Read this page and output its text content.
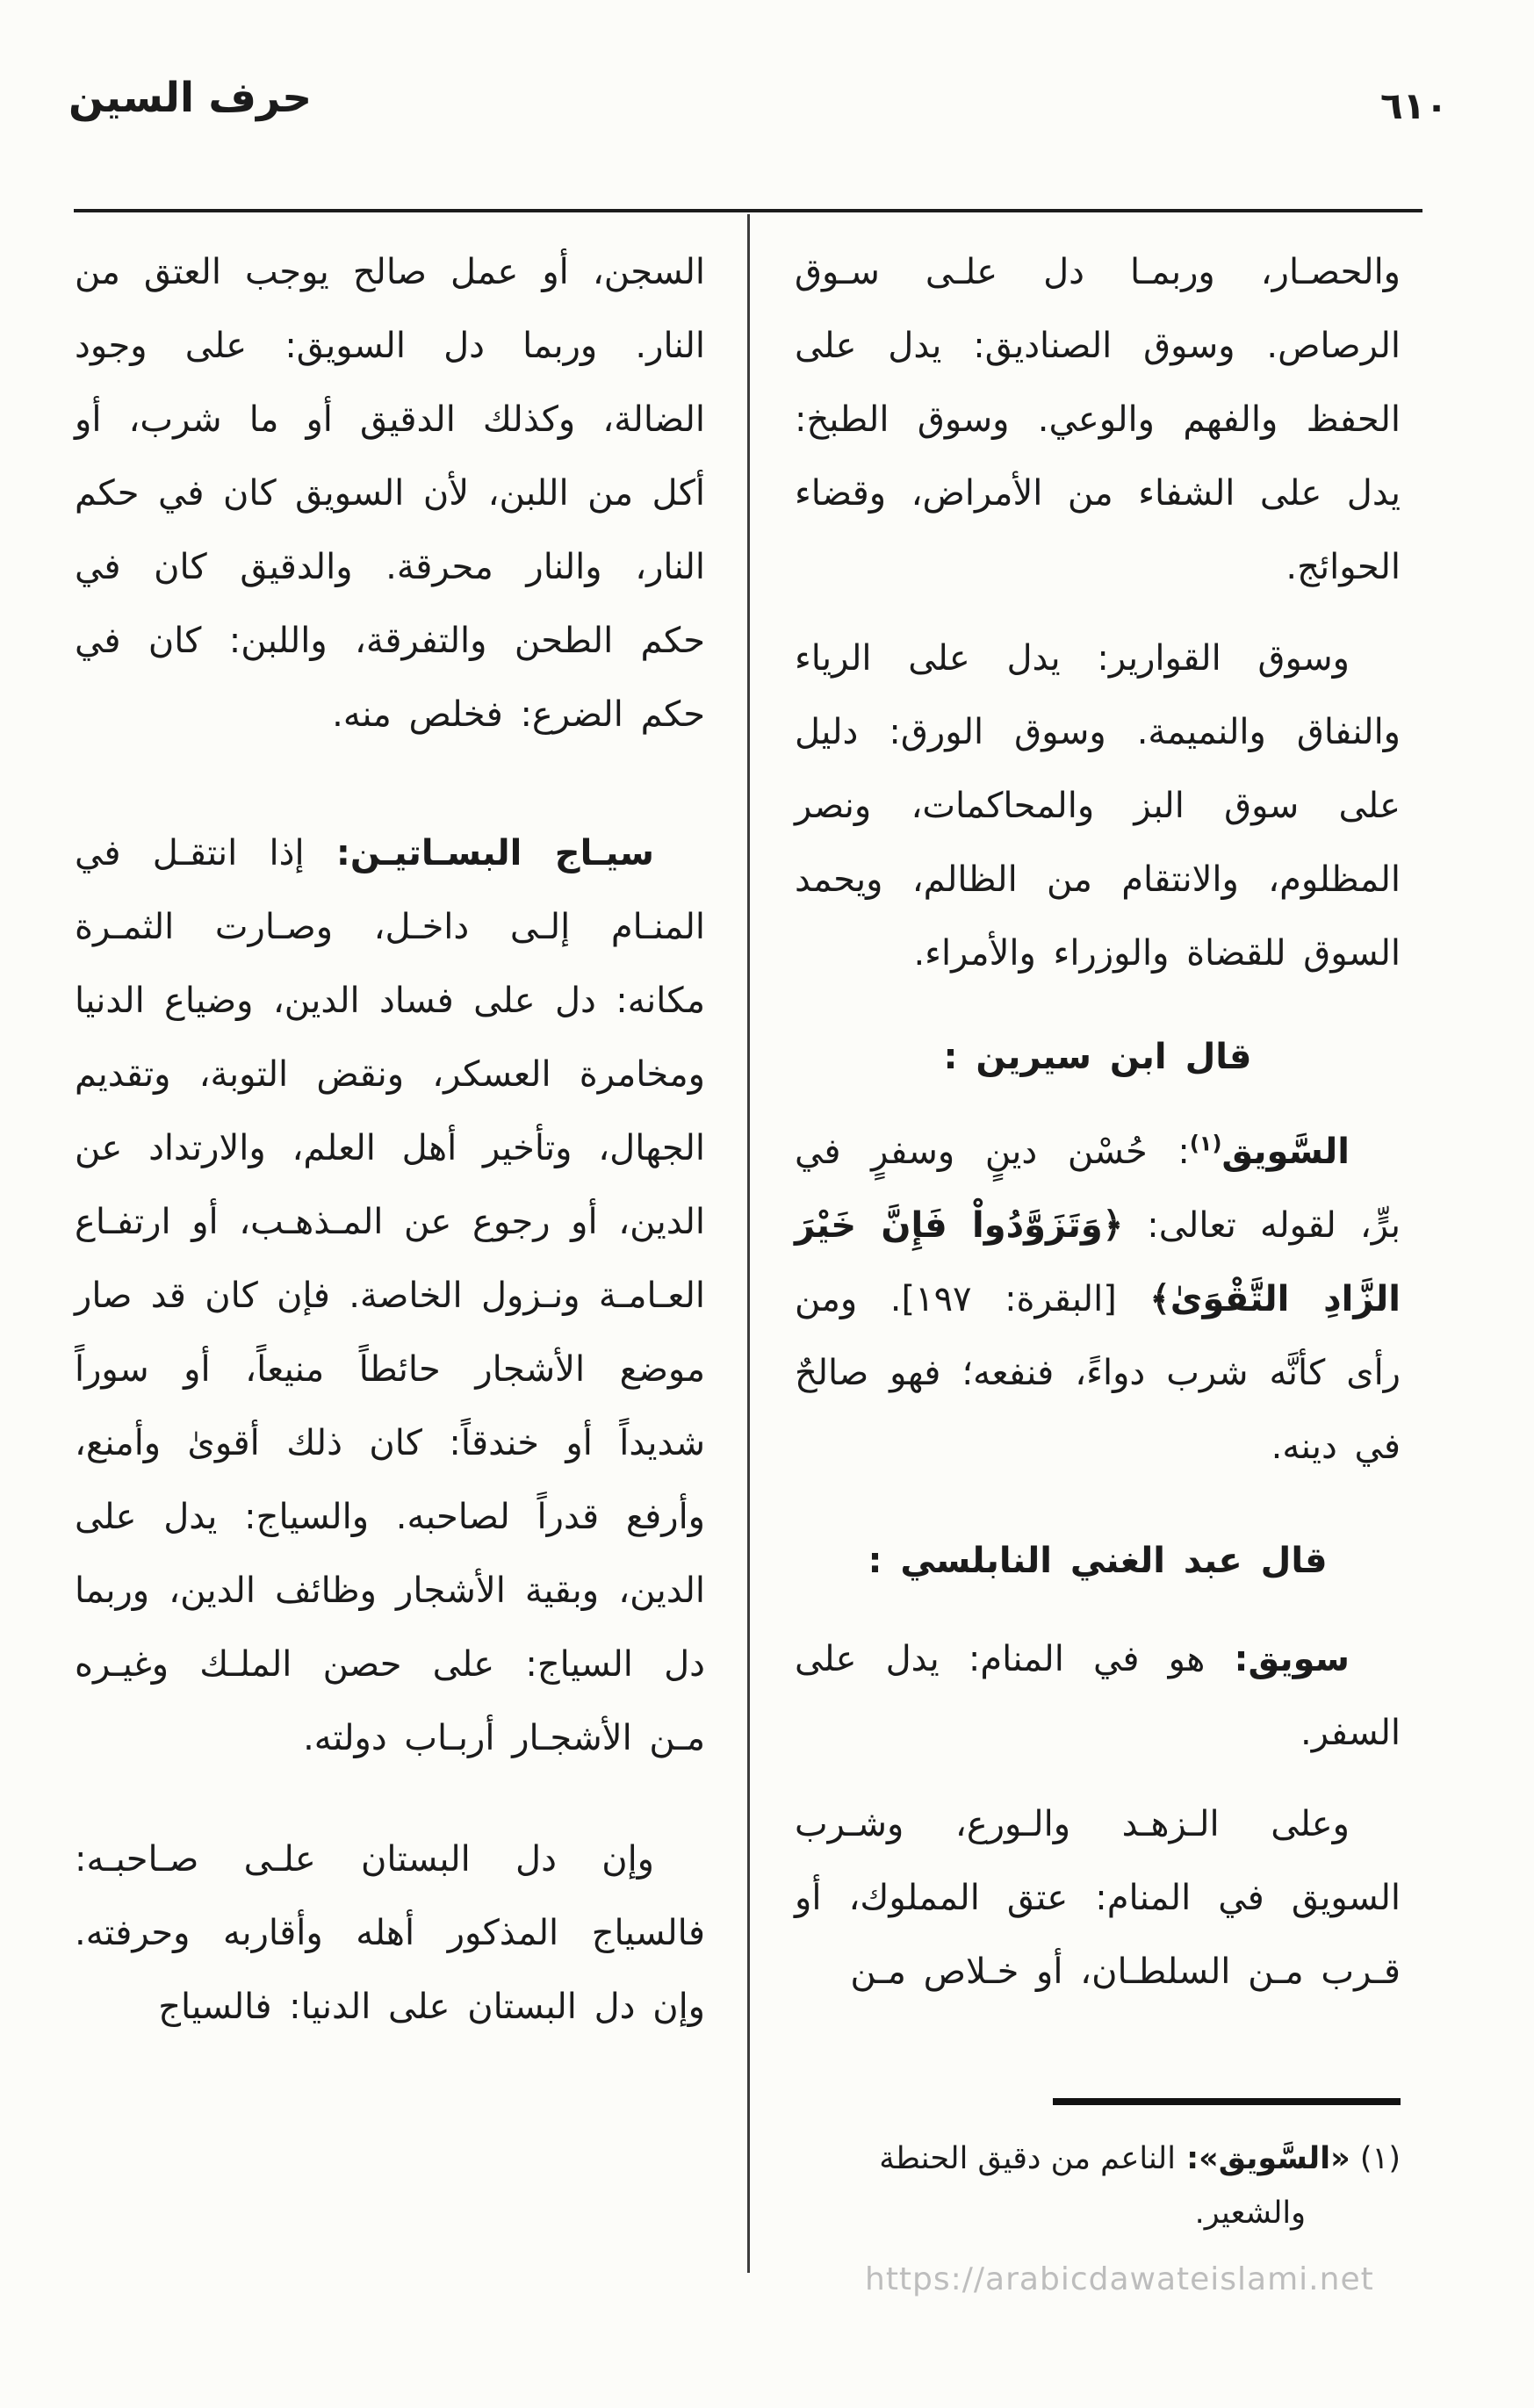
حرف السين	٦١٠

والحصـار، وربمـا دل علـى سـوق الرصاص. وسوق الصناديق: يدل على الحفظ والفهم والوعي. وسوق الطبخ: يدل على الشفاء من الأمراض، وقضاء الحوائج.

وسوق القوارير: يدل على الرياء والنفاق والنميمة. وسوق الورق: دليل على سوق البز والمحاكمات، ونصر المظلوم، والانتقام من الظالم، ويحمد السوق للقضاة والوزراء والأمراء.

قال ابن سيرين :

السَّويق$^{(١)}$: حُسْن دينٍ وسفرٍ في برٍّ، لقوله تعالى: ﴿وَتَزَوَّدُواْ فَإِنَّ خَيْرَ الزَّادِ التَّقْوَىٰ﴾ [البقرة: ١٩٧]. ومن رأى كأنَّه شرب دواءً، فنفعه؛ فهو صالحٌ في دينه.

قال عبد الغني النابلسي :

سويق: هو في المنام: يدل على السفر.

وعلى الـزهـد والـورع، وشـرب السويق في المنام: عتق المملوك، أو قـرب مـن السلطـان، أو خـلاص مـن

السجن، أو عمل صالح يوجب العتق من النار. وربما دل السويق: على وجود الضالة، وكذلك الدقيق أو ما شرب، أو أكل من اللبن، لأن السويق كان في حكم النار، والنار محرقة. والدقيق كان في حكم الطحن والتفرقة، واللبن: كان في حكم الضرع: فخلص منه.

سيـاج البسـاتيـن: إذا انتقـل في المنـام إلـى داخـل، وصـارت الثمـرة مكانه: دل على فساد الدين، وضياع الدنيا ومخامرة العسكر، ونقض التوبة، وتقديم الجهال، وتأخير أهل العلم، والارتداد عن الدين، أو رجوع عن المـذهـب، أو ارتفـاع العـامـة ونـزول الخاصة. فإن كان قد صار موضع الأشجار حائطاً منيعاً، أو سوراً شديداً أو خندقاً: كان ذلك أقوىٰ وأمنع، وأرفع قدراً لصاحبه. والسياج: يدل على الدين، وبقية الأشجار وظائف الدين، وربما دل السياج: على حصن الملـك وغيـره مـن الأشجـار أربـاب دولته.

وإن دل البستان علـى صـاحبـه: فالسياج المذكور أهله وأقاربه وحرفته. وإن دل البستان على الدنيا: فالسياج

(١) «السَّويق»: الناعم من دقيق الحنطة
والشعير.
https://arabicdawateislami.net
